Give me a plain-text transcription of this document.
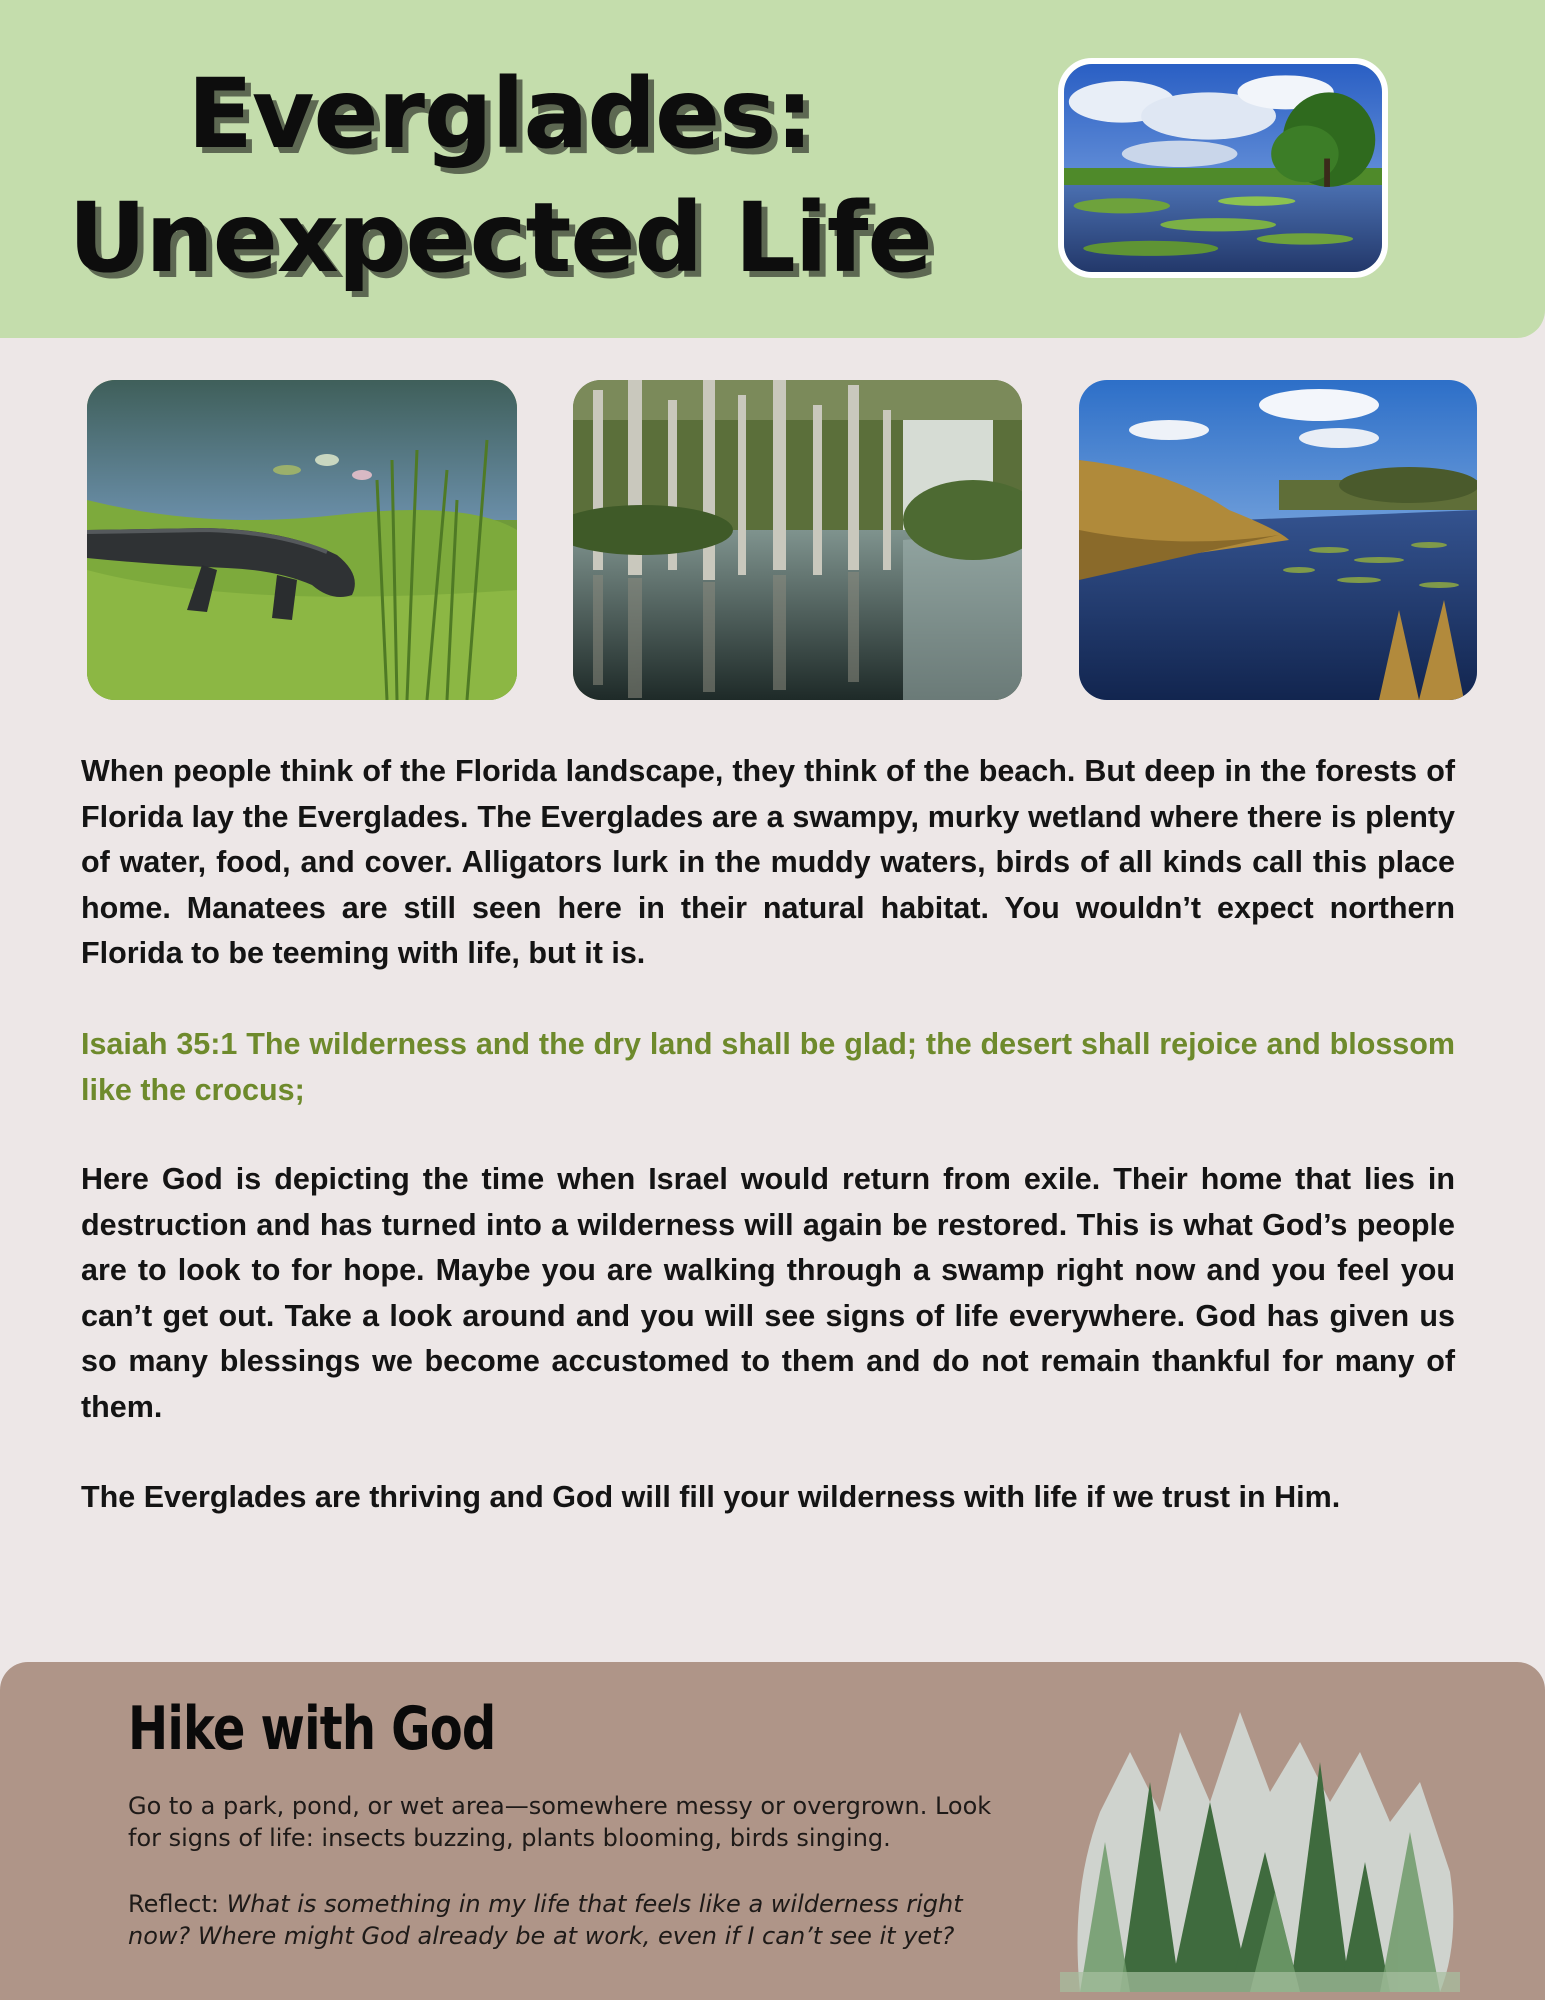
Everglades:
Unexpected Life

When people think of the Florida landscape, they think of the beach. But deep in the forests of Florida lay the Everglades. The Everglades are a swampy, murky wetland where there is plenty of water, food, and cover. Alligators lurk in the muddy waters, birds of all kinds call this place home. Manatees are still seen here in their natural habitat. You wouldn’t expect northern Florida to be teeming with life, but it is.

Isaiah 35:1 The wilderness and the dry land shall be glad; the desert shall rejoice and blossom like the crocus;

Here God is depicting the time when Israel would return from exile. Their home that lies in destruction and has turned into a wilderness will again be restored. This is what God’s people are to look to for hope. Maybe you are walking through a swamp right now and you feel you can’t get out. Take a look around and you will see signs of life everywhere. God has given us so many blessings we become accustomed to them and do not remain thankful for many of them.

The Everglades are thriving and God will fill your wilderness with life if we trust in Him.

Hike with God

Go to a park, pond, or wet area—somewhere messy or overgrown. Look for signs of life: insects buzzing, plants blooming, birds singing.

Reflect: What is something in my life that feels like a wilderness right now? Where might God already be at work, even if I can’t see it yet?
